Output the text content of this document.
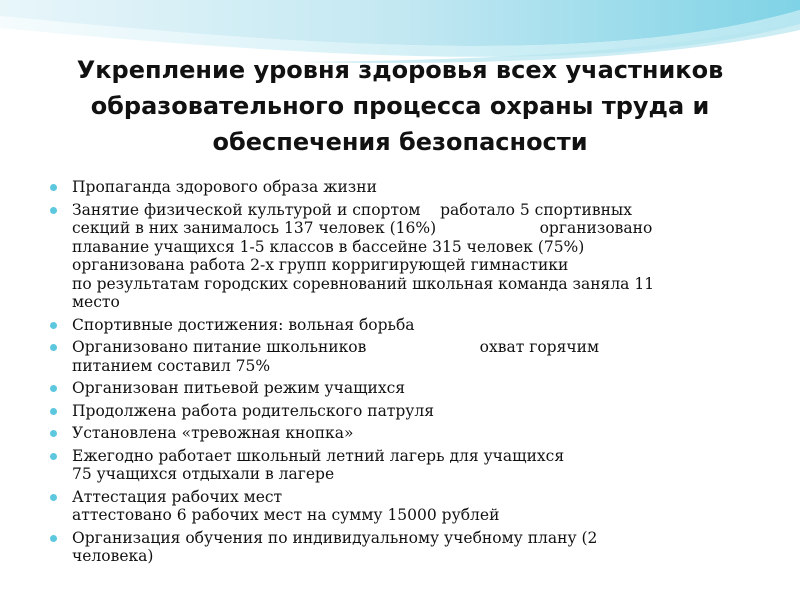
Укрепление уровня здоровья всех участников
образовательного процесса охраны труда и
обеспечения безопасности
Пропаганда здорового образа жизни
Занятие физической культурой и спортом    работало 5 спортивных
секций в них занималось 137 человек (16%)                     организовано
плавание учащихся 1-5 классов в бассейне 315 человек (75%)
организована работа 2-х групп корригирующей гимнастики
по результатам городских соревнований школьная команда заняла 11
место
Спортивные достижения: вольная борьба
Организовано питание школьников                       охват горячим
питанием составил 75%
Организован питьевой режим учащихся
Продолжена работа родительского патруля
Установлена «тревожная кнопка»
Ежегодно работает школьный летний лагерь для учащихся
75 учащихся отдыхали в лагере
Аттестация рабочих мест
аттестовано 6 рабочих мест на сумму 15000 рублей
Организация обучения по индивидуальному учебному плану (2
человека)
